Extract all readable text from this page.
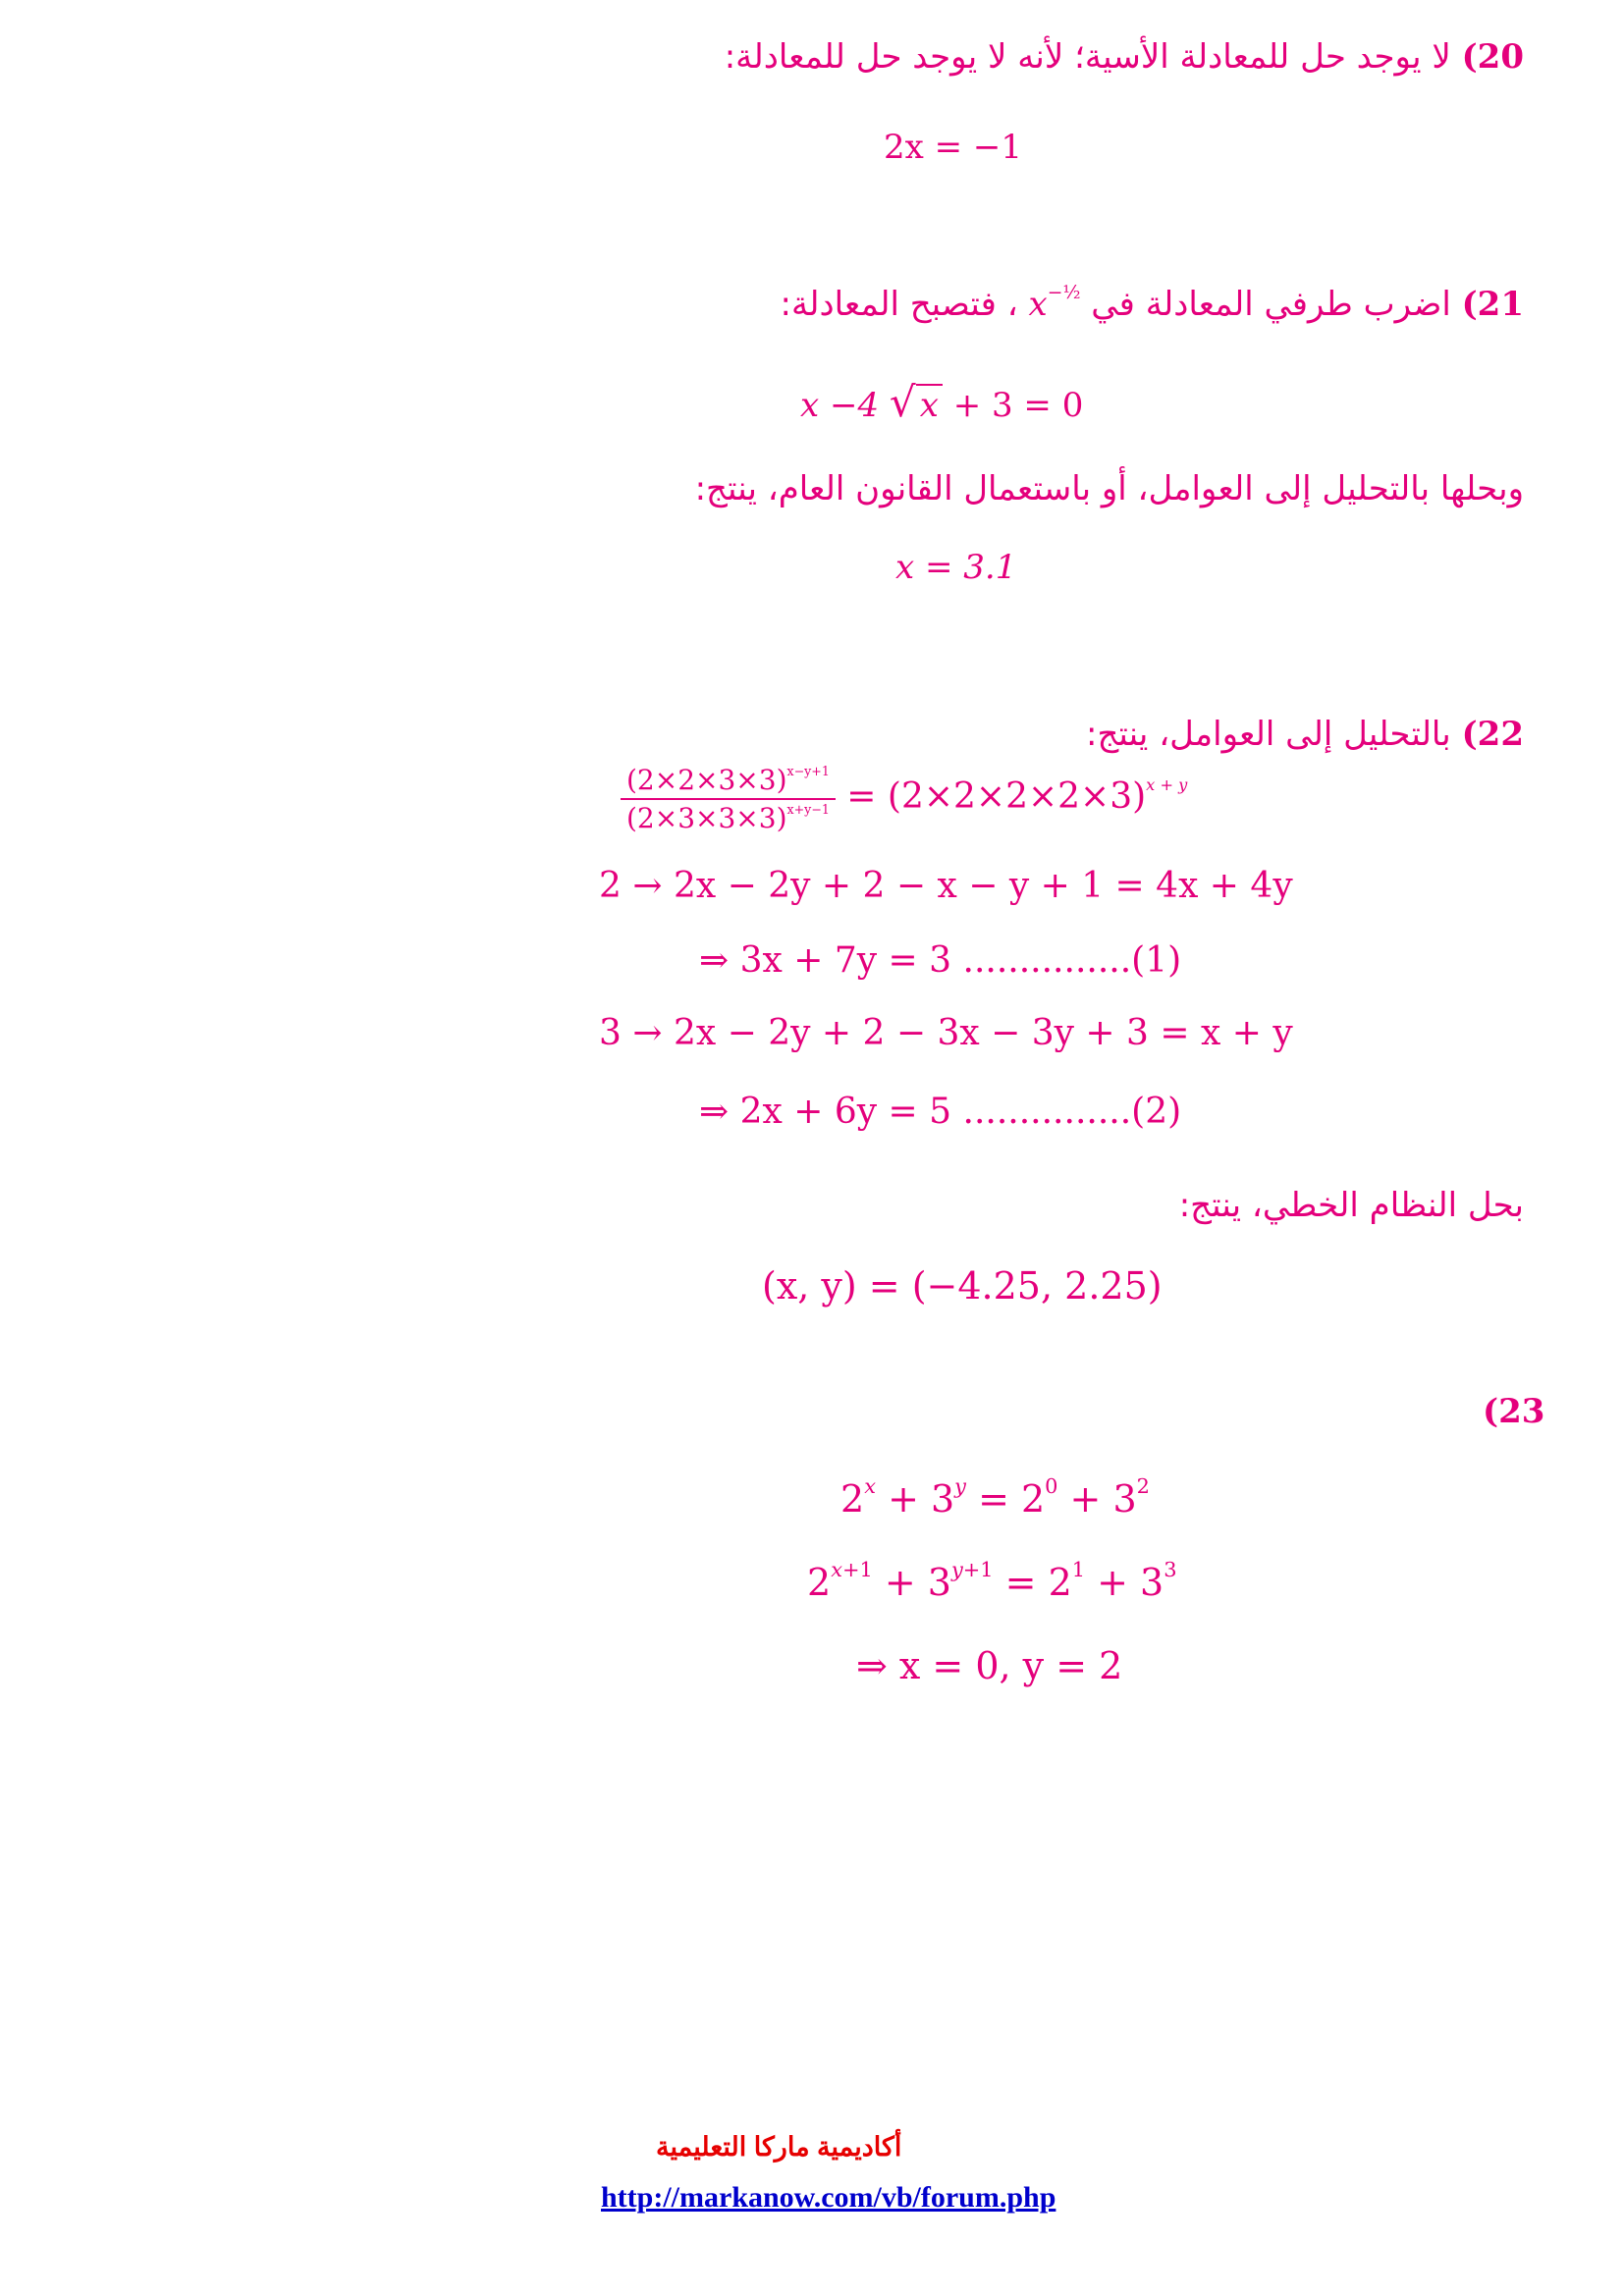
20) لا يوجد حل للمعادلة الأسية؛ لأنه لا يوجد حل للمعادلة:
2x = −1
21) اضرب طرفي المعادلة في $x^{-\frac{1}{2}}$ ، فتصبح المعادلة:
x −4 √ x + 3 = 0
وبحلها بالتحليل إلى العوامل، أو باستعمال القانون العام، ينتج:
x = 3.1
22) بالتحليل إلى العوامل، ينتج:
$\frac{(2\times 2\times 3\times 3)^{x-y+1}}{(2\times 3\times 3\times 3)^{x+y-1}} = (2\times 2\times 2\times 2\times 3)^{x + y}$
2 → 2x − 2y + 2 − x − y + 1 = 4x + 4y
⇒ 3x + 7y = 3 ...............(1)
3 → 2x − 2y + 2 − 3x − 3y + 3 = x + y
⇒ 2x + 6y = 5 ...............(2)
بحل النظام الخطي، ينتج:
(x, y) = (−4.25, 2.25)
(23
$2^x + 3^y = 2^0 + 3^2$
$2^{x+1} + 3^{y+1} = 2^1 + 3^3$
⇒ x = 0, y = 2
أكاديمية ماركا التعليمية
http://markanow.com/vb/forum.php
